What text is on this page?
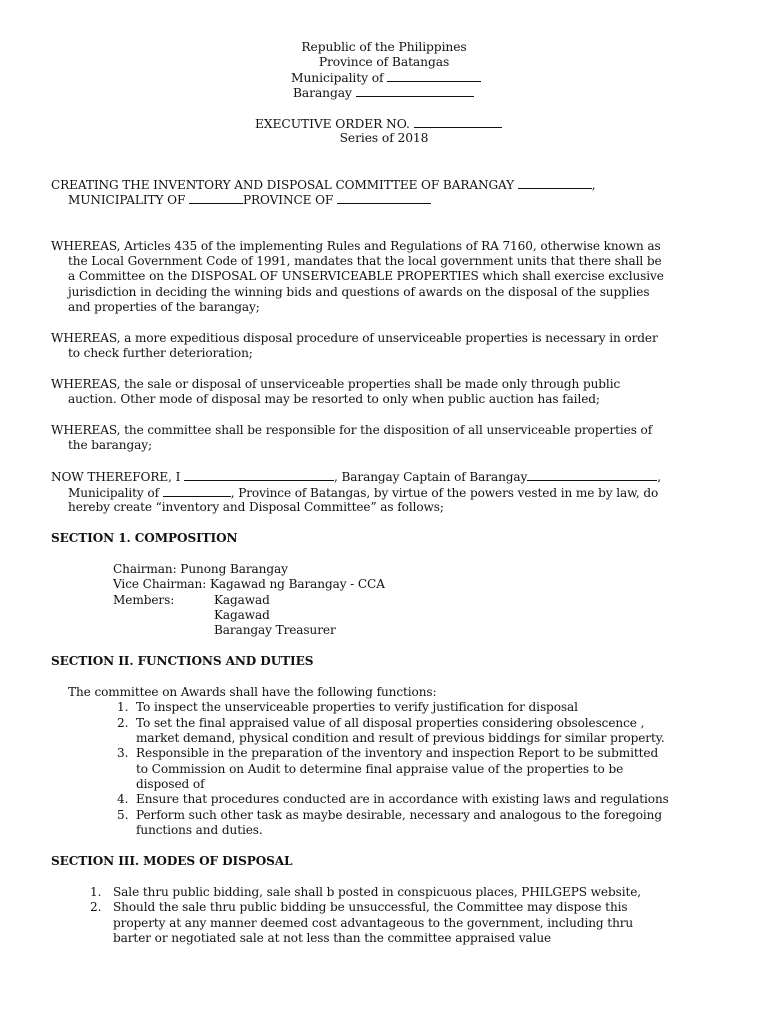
Republic of the Philippines
Province of Batangas
Municipality of
Barangay
EXECUTIVE ORDER NO.
Series of 2018
CREATING THE INVENTORY AND DISPOSAL COMMITTEE OF BARANGAY	,
MUNICIPALITY OF	PROVINCE OF
WHEREAS, Articles 435 of the implementing Rules and Regulations of RA 7160, otherwise known as
the Local Government Code of 1991, mandates that the local government units that there shall be
a Committee on the DISPOSAL OF UNSERVICEABLE PROPERTIES which shall exercise exclusive
jurisdiction in deciding the winning bids and questions of awards on the disposal of the supplies
and properties of the barangay;
WHEREAS, a more expeditious disposal procedure of unserviceable properties is necessary in order
to check further deterioration;
WHEREAS, the sale or disposal of unserviceable properties shall be made only through public
auction. Other mode of disposal may be resorted to only when public auction has failed;
WHEREAS, the committee shall be responsible for the disposition of all unserviceable properties of
the barangay;
NOW THEREFORE, I	, Barangay Captain of Barangay	,
Municipality of	, Province of Batangas, by virtue of the powers vested in me by law, do
hereby create “inventory and Disposal Committee” as follows;
SECTION 1. COMPOSITION
Chairman: Punong Barangay
Vice Chairman: Kagawad ng Barangay - CCA
Members:	Kagawad
Kagawad
Barangay Treasurer
SECTION II. FUNCTIONS AND DUTIES
The committee on Awards shall have the following functions:
1. To inspect the unserviceable properties to verify justification for disposal
2. To set the final appraised value of all disposal properties considering obsolescence ,
market demand, physical condition and result of previous biddings for similar property.
3. Responsible in the preparation of the inventory and inspection Report to be submitted
to Commission on Audit to determine final appraise value of the properties to be
disposed of
4. Ensure that procedures conducted are in accordance with existing laws and regulations
5. Perform such other task as maybe desirable, necessary and analogous to the foregoing
functions and duties.
SECTION III. MODES OF DISPOSAL
1. Sale thru public bidding, sale shall b posted in conspicuous places, PHILGEPS website,
2. Should the sale thru public bidding be unsuccessful, the Committee may dispose this
property at any manner deemed cost advantageous to the government, including thru
barter or negotiated sale at not less than the committee appraised value
